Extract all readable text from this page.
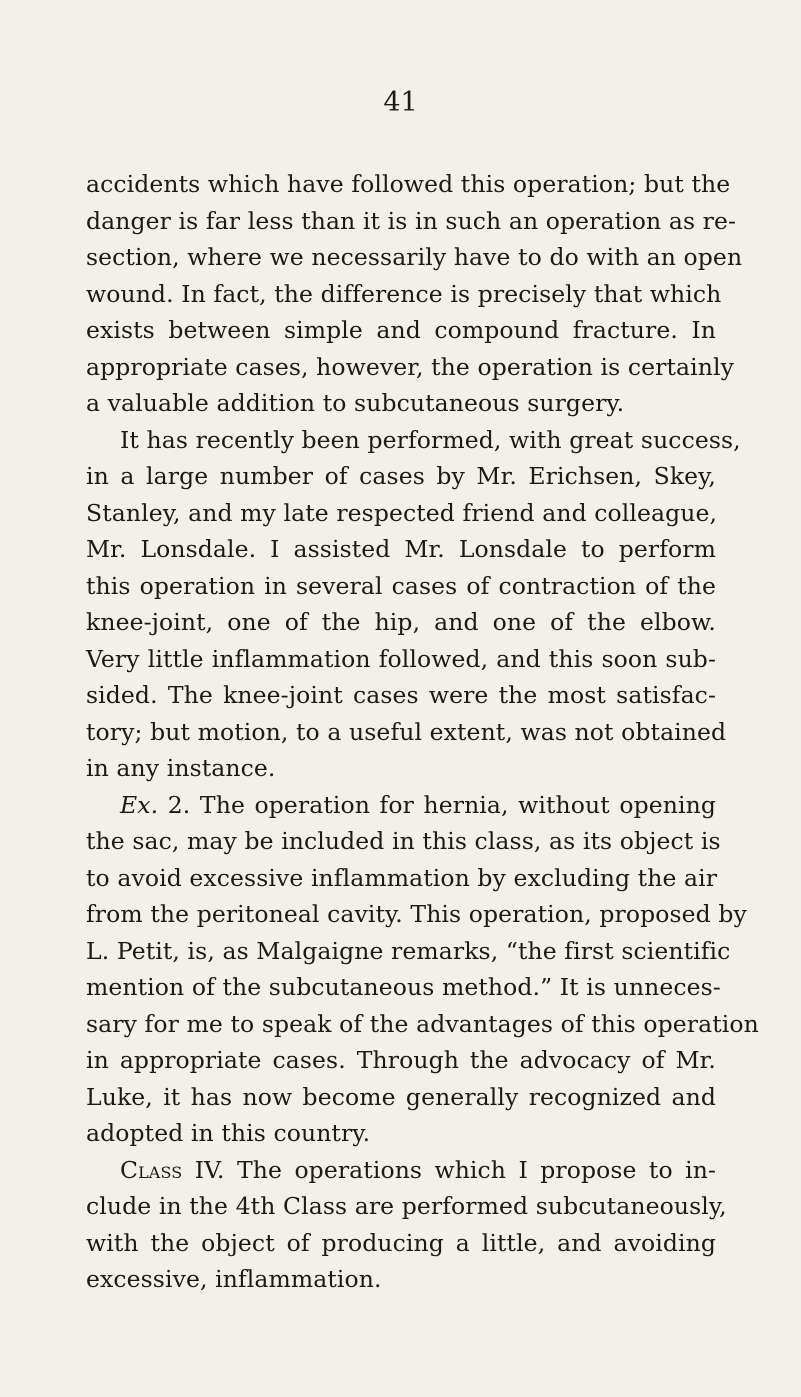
41
accidents which have followed this operation; but the
danger is far less than it is in such an operation as re-
section, where we necessarily have to do with an open
wound. In fact, the difference is precisely that which
exists between simple and compound fracture. In
appropriate cases, however, the operation is certainly
a valuable addition to subcutaneous surgery.
It has recently been performed, with great success,
in a large number of cases by Mr. Erichsen, Skey,
Stanley, and my late respected friend and colleague,
Mr. Lonsdale. I assisted Mr. Lonsdale to perform
this operation in several cases of contraction of the
knee-joint, one of the hip, and one of the elbow.
Very little inflammation followed, and this soon sub-
sided. The knee-joint cases were the most satisfac-
tory; but motion, to a useful extent, was not obtained
in any instance.
Ex. 2. The operation for hernia, without opening
the sac, may be included in this class, as its object is
to avoid excessive inflammation by excluding the air
from the peritoneal cavity. This operation, proposed by
L. Petit, is, as Malgaigne remarks, “the first scientific
mention of the subcutaneous method.” It is unneces-
sary for me to speak of the advantages of this operation
in appropriate cases. Through the advocacy of Mr.
Luke, it has now become generally recognized and
adopted in this country.
Class IV. The operations which I propose to in-
clude in the 4th Class are performed subcutaneously,
with the object of producing a little, and avoiding
excessive, inflammation.
